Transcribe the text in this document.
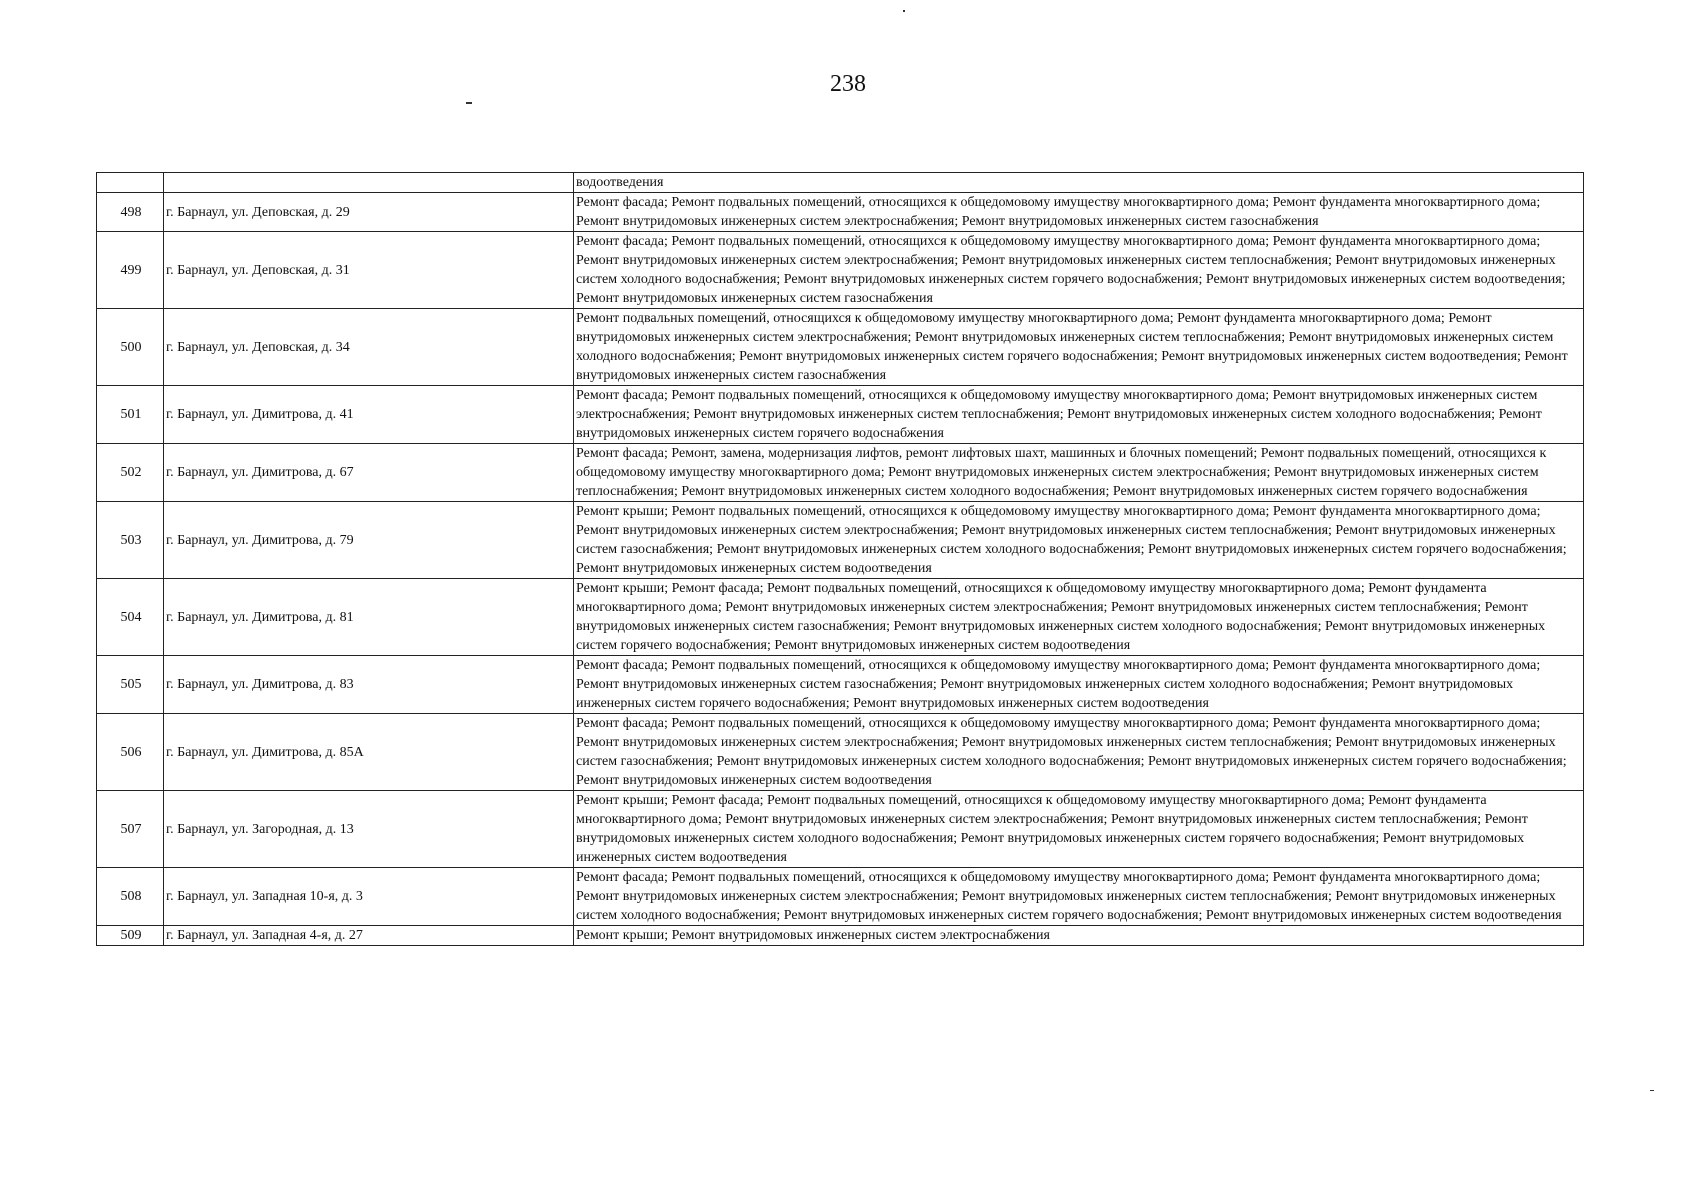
238
		водоотведения
498	г. Барнаул, ул. Деповская, д. 29	Ремонт фасада; Ремонт подвальных помещений, относящихся к общедомовому имуществу многоквартирного дома; Ремонт фундамента многоквартирного дома; Ремонт внутридомовых инженерных систем электроснабжения; Ремонт внутридомовых инженерных систем газоснабжения
499	г. Барнаул, ул. Деповская, д. 31	Ремонт фасада; Ремонт подвальных помещений, относящихся к общедомовому имуществу многоквартирного дома; Ремонт фундамента многоквартирного дома; Ремонт внутридомовых инженерных систем электроснабжения; Ремонт внутридомовых инженерных систем теплоснабжения; Ремонт внутридомовых инженерных систем холодного водоснабжения; Ремонт внутридомовых инженерных систем горячего водоснабжения; Ремонт внутридомовых инженерных систем водоотведения; Ремонт внутридомовых инженерных систем газоснабжения
500	г. Барнаул, ул. Деповская, д. 34	Ремонт подвальных помещений, относящихся к общедомовому имуществу многоквартирного дома; Ремонт фундамента многоквартирного дома; Ремонт внутридомовых инженерных систем электроснабжения; Ремонт внутридомовых инженерных систем теплоснабжения; Ремонт внутридомовых инженерных систем холодного водоснабжения; Ремонт внутридомовых инженерных систем горячего водоснабжения; Ремонт внутридомовых инженерных систем водоотведения; Ремонт внутридомовых инженерных систем газоснабжения
501	г. Барнаул, ул. Димитрова, д. 41	Ремонт фасада; Ремонт подвальных помещений, относящихся к общедомовому имуществу многоквартирного дома; Ремонт внутридомовых инженерных систем электроснабжения; Ремонт внутридомовых инженерных систем теплоснабжения; Ремонт внутридомовых инженерных систем холодного водоснабжения; Ремонт внутридомовых инженерных систем горячего водоснабжения
502	г. Барнаул, ул. Димитрова, д. 67	Ремонт фасада; Ремонт, замена, модернизация лифтов, ремонт лифтовых шахт, машинных и блочных помещений; Ремонт подвальных помещений, относящихся к общедомовому имуществу многоквартирного дома; Ремонт внутридомовых инженерных систем электроснабжения; Ремонт внутридомовых инженерных систем теплоснабжения; Ремонт внутридомовых инженерных систем холодного водоснабжения; Ремонт внутридомовых инженерных систем горячего водоснабжения
503	г. Барнаул, ул. Димитрова, д. 79	Ремонт крыши; Ремонт подвальных помещений, относящихся к общедомовому имуществу многоквартирного дома; Ремонт фундамента многоквартирного дома; Ремонт внутридомовых инженерных систем электроснабжения; Ремонт внутридомовых инженерных систем теплоснабжения; Ремонт внутридомовых инженерных систем газоснабжения; Ремонт внутридомовых инженерных систем холодного водоснабжения; Ремонт внутридомовых инженерных систем горячего водоснабжения; Ремонт внутридомовых инженерных систем водоотведения
504	г. Барнаул, ул. Димитрова, д. 81	Ремонт крыши; Ремонт фасада; Ремонт подвальных помещений, относящихся к общедомовому имуществу многоквартирного дома; Ремонт фундамента многоквартирного дома; Ремонт внутридомовых инженерных систем электроснабжения; Ремонт внутридомовых инженерных систем теплоснабжения; Ремонт внутридомовых инженерных систем газоснабжения; Ремонт внутридомовых инженерных систем холодного водоснабжения; Ремонт внутридомовых инженерных систем горячего водоснабжения; Ремонт внутридомовых инженерных систем водоотведения
505	г. Барнаул, ул. Димитрова, д. 83	Ремонт фасада; Ремонт подвальных помещений, относящихся к общедомовому имуществу многоквартирного дома; Ремонт фундамента многоквартирного дома; Ремонт внутридомовых инженерных систем газоснабжения; Ремонт внутридомовых инженерных систем холодного водоснабжения; Ремонт внутридомовых инженерных систем горячего водоснабжения; Ремонт внутридомовых инженерных систем водоотведения
506	г. Барнаул, ул. Димитрова, д. 85А	Ремонт фасада; Ремонт подвальных помещений, относящихся к общедомовому имуществу многоквартирного дома; Ремонт фундамента многоквартирного дома; Ремонт внутридомовых инженерных систем электроснабжения; Ремонт внутридомовых инженерных систем теплоснабжения; Ремонт внутридомовых инженерных систем газоснабжения; Ремонт внутридомовых инженерных систем холодного водоснабжения; Ремонт внутридомовых инженерных систем горячего водоснабжения; Ремонт внутридомовых инженерных систем водоотведения
507	г. Барнаул, ул. Загородная, д. 13	Ремонт крыши; Ремонт фасада; Ремонт подвальных помещений, относящихся к общедомовому имуществу многоквартирного дома; Ремонт фундамента многоквартирного дома; Ремонт внутридомовых инженерных систем электроснабжения; Ремонт внутридомовых инженерных систем теплоснабжения; Ремонт внутридомовых инженерных систем холодного водоснабжения; Ремонт внутридомовых инженерных систем горячего водоснабжения; Ремонт внутридомовых инженерных систем водоотведения
508	г. Барнаул, ул. Западная 10-я, д. 3	Ремонт фасада; Ремонт подвальных помещений, относящихся к общедомовому имуществу многоквартирного дома; Ремонт фундамента многоквартирного дома; Ремонт внутридомовых инженерных систем электроснабжения; Ремонт внутридомовых инженерных систем теплоснабжения; Ремонт внутридомовых инженерных систем холодного водоснабжения; Ремонт внутридомовых инженерных систем горячего водоснабжения; Ремонт внутридомовых инженерных систем водоотведения
509	г. Барнаул, ул. Западная 4-я, д. 27	Ремонт крыши; Ремонт внутридомовых инженерных систем электроснабжения
